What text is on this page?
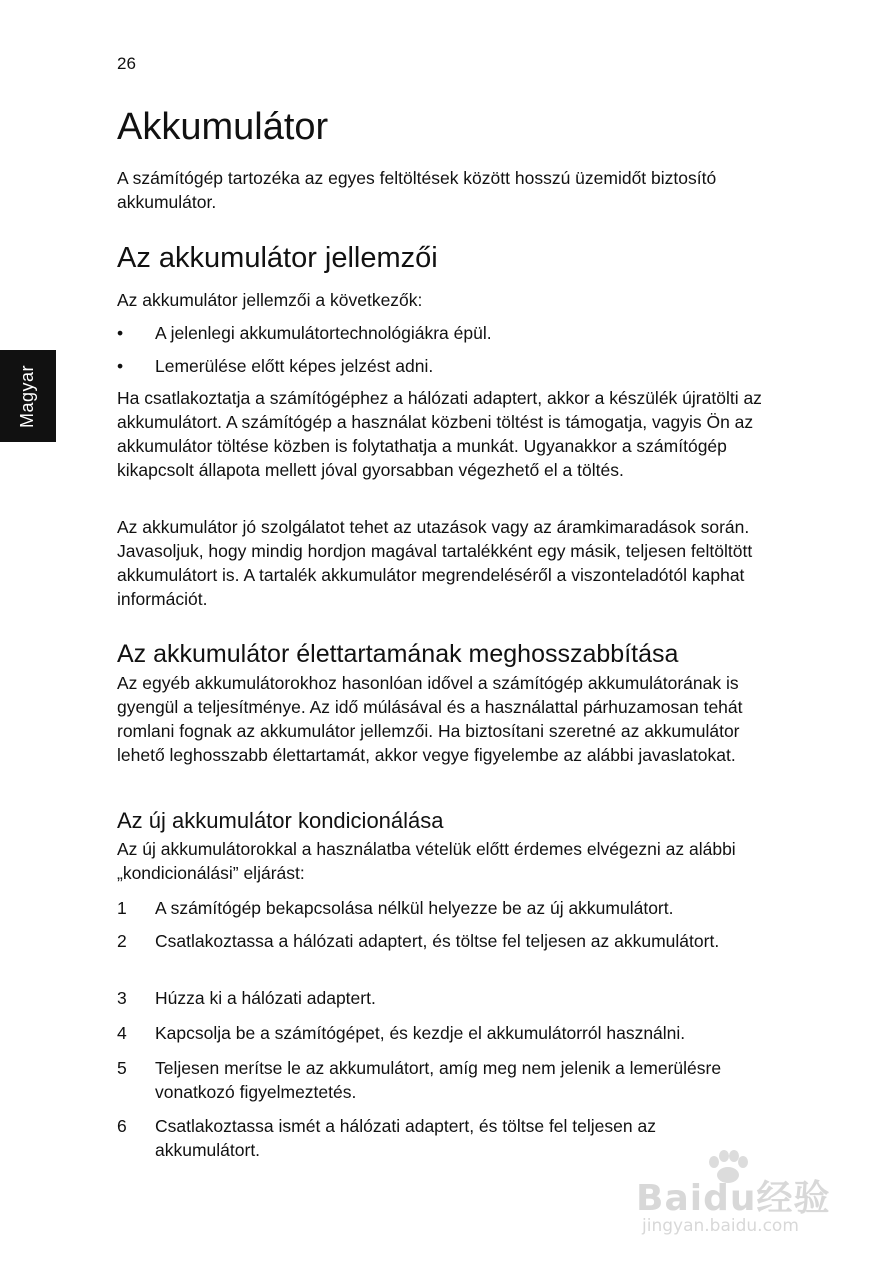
26
Magyar
Akkumulátor

A számítógép tartozéka az egyes feltöltések között hosszú üzemidőt biztosító akkumulátor.

Az akkumulátor jellemzői

Az akkumulátor jellemzői a következők:

• A jelenlegi akkumulátortechnológiákra épül.
• Lemerülése előtt képes jelzést adni.

Ha csatlakoztatja a számítógéphez a hálózati adaptert, akkor a készülék újratölti az akkumulátort. A számítógép a használat közbeni töltést is támogatja, vagyis Ön az akkumulátor töltése közben is folytathatja a munkát. Ugyanakkor a számítógép kikapcsolt állapota mellett jóval gyorsabban végezhető el a töltés.

Az akkumulátor jó szolgálatot tehet az utazások vagy az áramkimaradások során. Javasoljuk, hogy mindig hordjon magával tartalékként egy másik, teljesen feltöltött akkumulátort is. A tartalék akkumulátor megrendeléséről a viszonteladótól kaphat információt.

Az akkumulátor élettartamának meghosszabbítása

Az egyéb akkumulátorokhoz hasonlóan idővel a számítógép akkumulátorának is gyengül a teljesítménye. Az idő múlásával és a használattal párhuzamosan tehát romlani fognak az akkumulátor jellemzői. Ha biztosítani szeretné az akkumulátor lehető leghosszabb élettartamát, akkor vegye figyelembe az alábbi javaslatokat.

Az új akkumulátor kondicionálása

Az új akkumulátorokkal a használatba vételük előtt érdemes elvégezni az alábbi „kondicionálási” eljárást:

1 A számítógép bekapcsolása nélkül helyezze be az új akkumulátort.
2 Csatlakoztassa a hálózati adaptert, és töltse fel teljesen az akkumulátort.
3 Húzza ki a hálózati adaptert.
4 Kapcsolja be a számítógépet, és kezdje el akkumulátorról használni.
5 Teljesen merítse le az akkumulátort, amíg meg nem jelenik a lemerülésre vonatkozó figyelmeztetés.
6 Csatlakoztassa ismét a hálózati adaptert, és töltse fel teljesen az akkumulátort.
Baidu经验
jingyan.baidu.com
